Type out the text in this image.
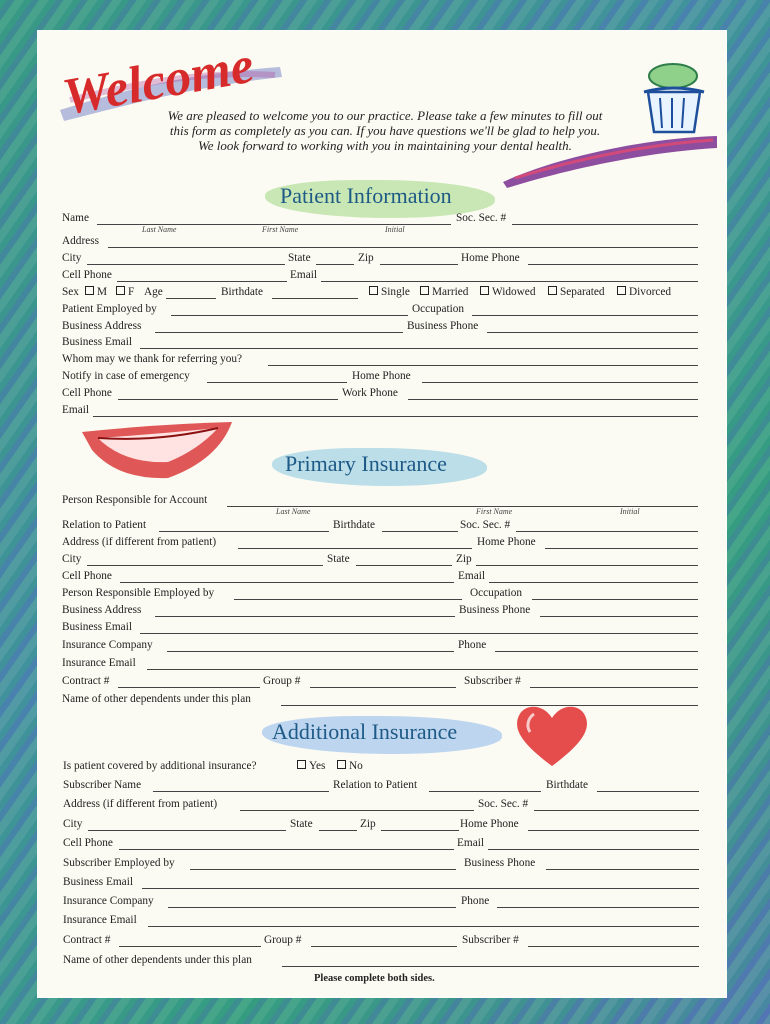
Welcome
We are pleased to welcome you to our practice. Please take a few minutes to fill out
this form as completely as you can. If you have questions we'll be glad to help you.
We look forward to working with you in maintaining your dental health.
Patient Information
Name
Last Name	First Name	Initial
Soc. Sec. #
Address
City	State	Zip	Home Phone
Cell Phone	Email
Sex	M	F Age	Birthdate	Single	Married	Widowed	Separated	Divorced
Patient Employed by	Occupation
Business Address	Business Phone
Business Email
Whom may we thank for referring you?
Notify in case of emergency	Home Phone
Cell Phone	Work Phone
Email
Primary Insurance
Person Responsible for Account
Last Name	First Name	Initial
Relation to Patient	Birthdate	Soc. Sec. #
Address (if different from patient)	Home Phone
City	State	Zip
Cell Phone	Email
Person Responsible Employed by	Occupation
Business Address	Business Phone
Business Email
Insurance Company	Phone
Insurance Email
Contract #	Group #	Subscriber #
Name of other dependents under this plan
Additional Insurance
Is patient covered by additional insurance?	Yes	No
Subscriber Name	Relation to Patient	Birthdate
Address (if different from patient)	Soc. Sec. #
City	State	Zip	Home Phone
Cell Phone	Email
Subscriber Employed by	Business Phone
Business Email
Insurance Company	Phone
Insurance Email
Contract #	Group #	Subscriber #
Name of other dependents under this plan
Please complete both sides.
